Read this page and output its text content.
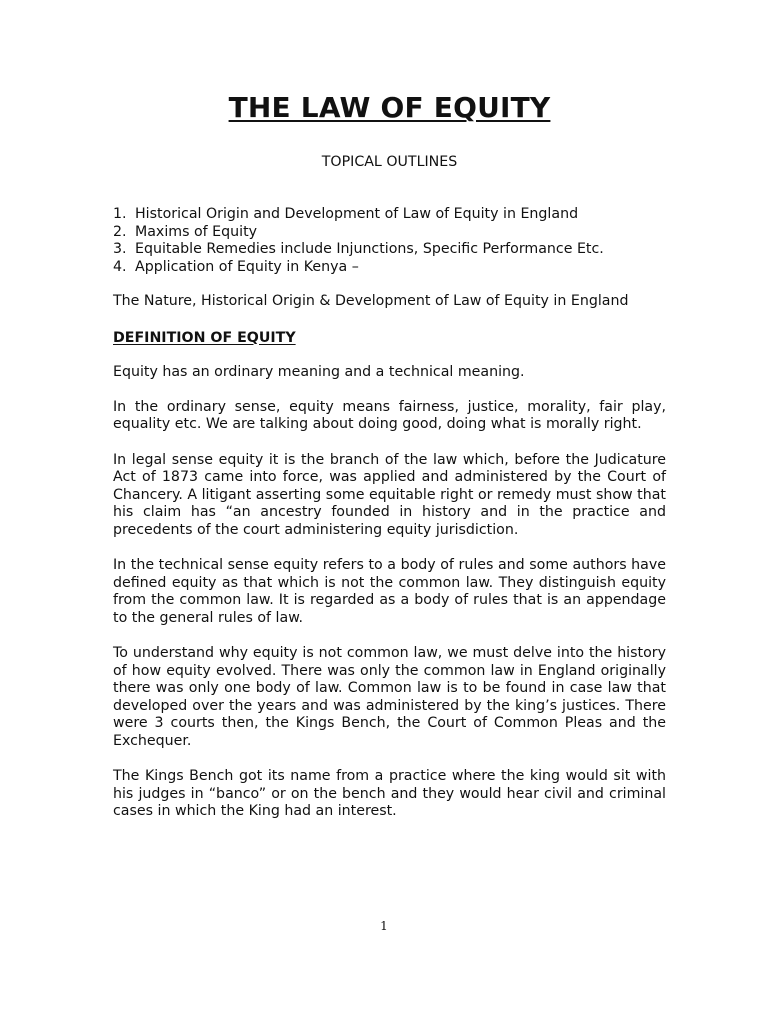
THE LAW OF EQUITY
TOPICAL OUTLINES
1. Historical Origin and Development of Law of Equity in England
2. Maxims of Equity
3. Equitable Remedies include Injunctions, Specific Performance Etc.
4. Application of Equity in Kenya –

The Nature, Historical Origin & Development of Law of Equity in England

DEFINITION OF EQUITY

Equity has an ordinary meaning and a technical meaning.

In the ordinary sense, equity means fairness, justice, morality, fair play, equality etc. We are talking about doing good, doing what is morally right.

In legal sense equity it is the branch of the law which, before the Judicature Act of 1873 came into force, was applied and administered by the Court of Chancery. A litigant asserting some equitable right or remedy must show that his claim has “an ancestry founded in history and in the practice and precedents of the court administering equity jurisdiction.

In the technical sense equity refers to a body of rules and some authors have defined equity as that which is not the common law. They distinguish equity from the common law. It is regarded as a body of rules that is an appendage to the general rules of law.

To understand why equity is not common law, we must delve into the history of how equity evolved. There was only the common law in England originally there was only one body of law. Common law is to be found in case law that developed over the years and was administered by the king’s justices. There were 3 courts then, the Kings Bench, the Court of Common Pleas and the Exchequer.

The Kings Bench got its name from a practice where the king would sit with his judges in “banco” or on the bench and they would hear civil and criminal cases in which the King had an interest.

1
